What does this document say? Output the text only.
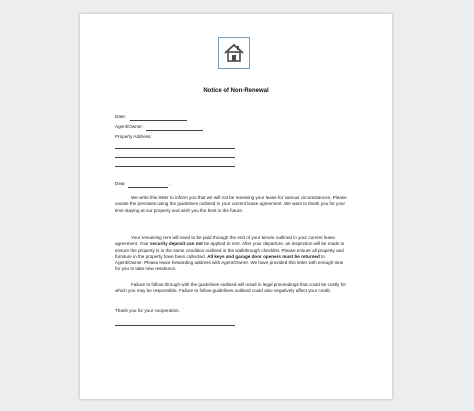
Notice of Non-Renewal
Date:
Agent/Owner:
Property Address:
Dear	,
We write this letter to inform you that we will not be renewing your lease for various circumstances. Please vacate the premises using the guidelines outlined in your current lease agreement. We want to thank you for your time staying at our property and wish you the best in the future.
Your remaining rent will need to be paid through the end of your tenure outlined in your current lease agreement. Your security deposit can not be applied to rent. After your departure, an inspection will be made to ensure the property is in the same condition outlined in the walkthrough checklist. Please ensure all property and furniture in the property have been collected. All keys and garage door openers must be returned to Agent/Owner. Please leave forwarding address with Agent/Owner. We have provided this letter with enough time for you to take new residence.
Failure to follow through with the guidelines outlined will result in legal proceedings that could be costly for which you may be responsible. Failure to follow guidelines outlined could also negatively affect your credit.
Thank you for your cooperation,
